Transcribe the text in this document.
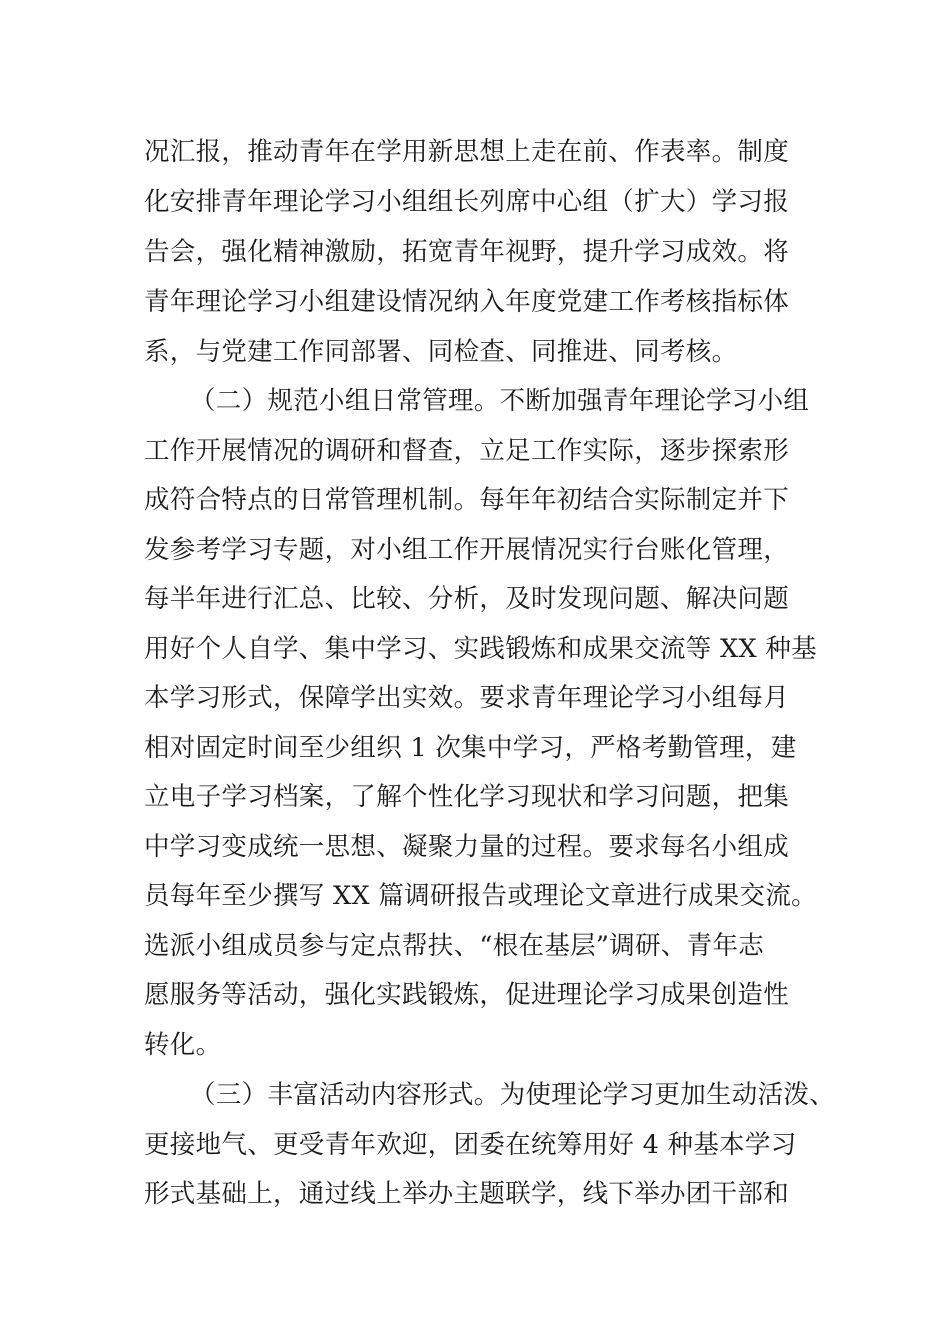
况汇报，推动青年在学用新思想上走在前、作表率。制度
化安排青年理论学习小组组长列席中心组（扩大）学习报
告会，强化精神激励，拓宽青年视野，提升学习成效。将
青年理论学习小组建设情况纳入年度党建工作考核指标体
系，与党建工作同部署、同检查、同推进、同考核。
（二）规范小组日常管理。不断加强青年理论学习小组
工作开展情况的调研和督查，立足工作实际，逐步探索形
成符合特点的日常管理机制。每年年初结合实际制定并下
发参考学习专题，对小组工作开展情况实行台账化管理，
每半年进行汇总、比较、分析，及时发现问题、解决问题
用好个人自学、集中学习、实践锻炼和成果交流等 XX 种基
本学习形式，保障学出实效。要求青年理论学习小组每月
相对固定时间至少组织 1 次集中学习，严格考勤管理，建
立电子学习档案，了解个性化学习现状和学习问题，把集
中学习变成统一思想、凝聚力量的过程。要求每名小组成
员每年至少撰写 XX 篇调研报告或理论文章进行成果交流。
选派小组成员参与定点帮扶、“根在基层”调研、青年志
愿服务等活动，强化实践锻炼，促进理论学习成果创造性
转化。
（三）丰富活动内容形式。为使理论学习更加生动活泼、
更接地气、更受青年欢迎，团委在统筹用好 4 种基本学习
形式基础上，通过线上举办主题联学，线下举办团干部和
